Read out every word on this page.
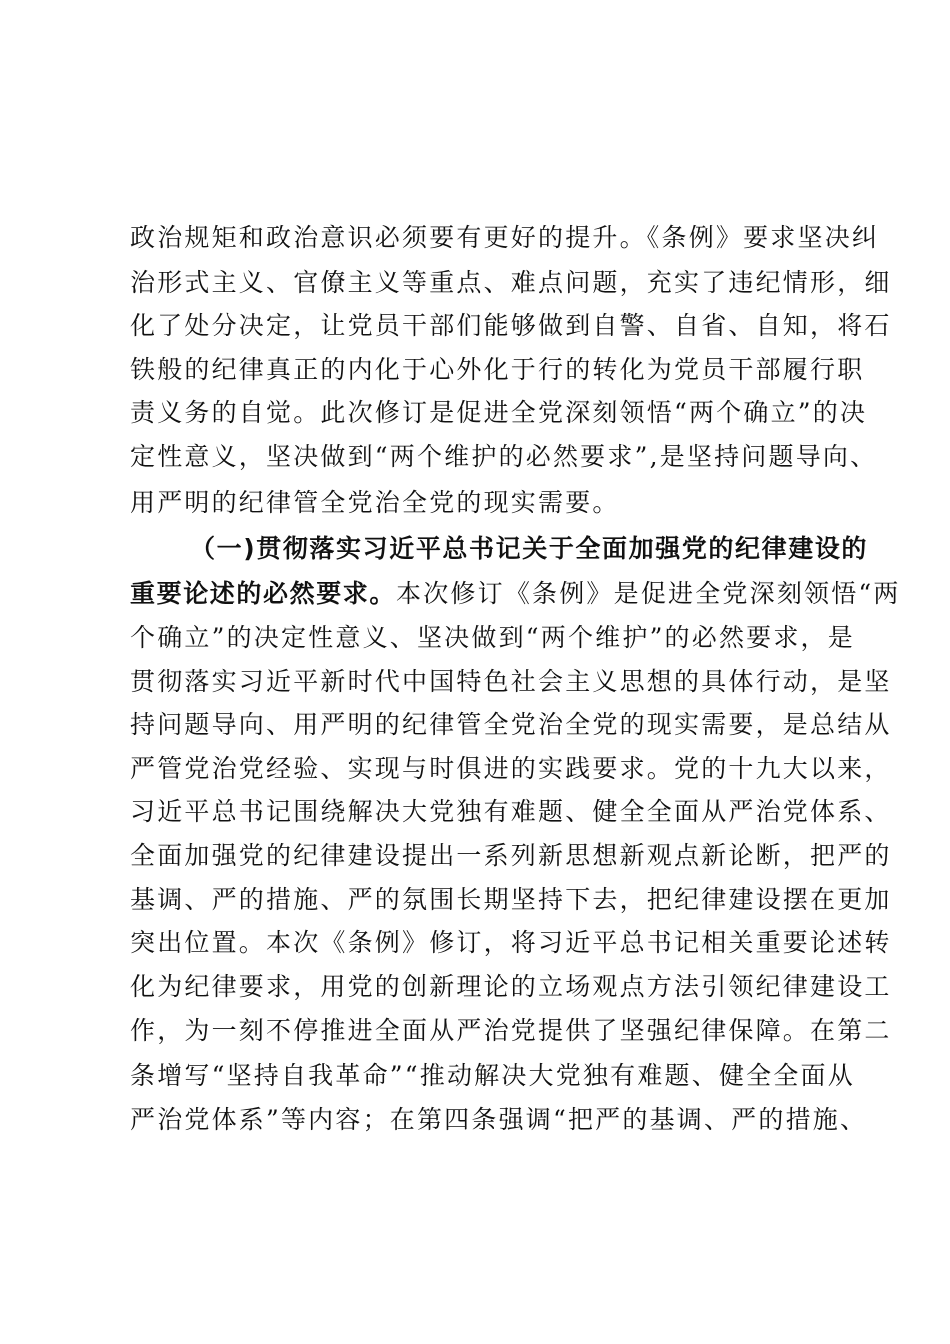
政治规矩和政治意识必须要有更好的提升。《条例》要求坚决纠
治形式主义、官僚主义等重点、难点问题，充实了违纪情形，细
化了处分决定，让党员干部们能够做到自警、自省、自知，将石
铁般的纪律真正的内化于心外化于行的转化为党员干部履行职
责义务的自觉。此次修订是促进全党深刻领悟“两个确立”的决
定性意义，坚决做到“两个维护的必然要求”,是坚持问题导向、
用严明的纪律管全党治全党的现实需要。
（一)贯彻落实习近平总书记关于全面加强党的纪律建设的
重要论述的必然要求。本次修订《条例》是促进全党深刻领悟“两
个确立”的决定性意义、坚决做到“两个维护”的必然要求，是
贯彻落实习近平新时代中国特色社会主义思想的具体行动，是坚
持问题导向、用严明的纪律管全党治全党的现实需要，是总结从
严管党治党经验、实现与时俱进的实践要求。党的十九大以来，
习近平总书记围绕解决大党独有难题、健全全面从严治党体系、
全面加强党的纪律建设提出一系列新思想新观点新论断，把严的
基调、严的措施、严的氛围长期坚持下去，把纪律建设摆在更加
突出位置。本次《条例》修订，将习近平总书记相关重要论述转
化为纪律要求，用党的创新理论的立场观点方法引领纪律建设工
作，为一刻不停推进全面从严治党提供了坚强纪律保障。在第二
条增写“坚持自我革命”“推动解决大党独有难题、健全全面从
严治党体系”等内容；在第四条强调“把严的基调、严的措施、
